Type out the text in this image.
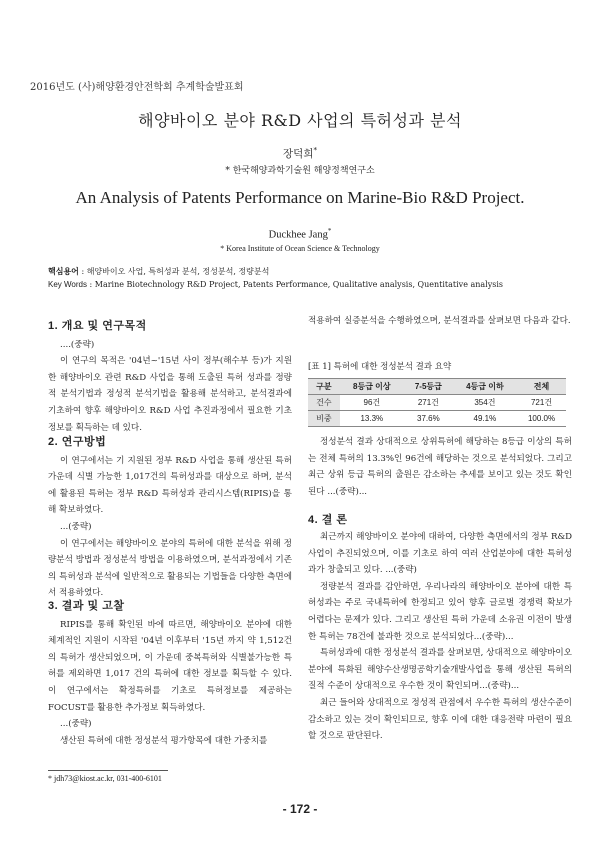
2016년도 (사)해양환경안전학회 추계학술발표회
해양바이오 분야 R&D 사업의 특허성과 분석
장덕희*
* 한국해양과학기술원 해양정책연구소
An Analysis of Patents Performance on Marine-Bio R&D Project.
Duckhee Jang*
* Korea Institute of Ocean Science & Technology
핵심용어 : 해양바이오 사업, 특허성과 분석, 정성분석, 정량분석
Key Words : Marine Biotechnology R&D Project, Patents Performance, Qualitative analysis, Quentitative analysis
1. 개요 및 연구목적
....(중략)
이 연구의 목적은 '04년~'15년 사이 정부(해수부 등)가 지원한 해양바이오 관련 R&D 사업을 통해 도출된 특허 성과를 정량적 분석기법과 정성적 분석기법을 활용해 분석하고, 분석결과에 기초하여 향후 해양바이오 R&D 사업 추진과정에서 필요한 기초정보를 획득하는 데 있다.
2. 연구방법
이 연구에서는 기 지원된 정부 R&D 사업을 통해 생산된 특허 가운데 식별 가능한 1,017건의 특허성과를 대상으로 하며, 분석에 활용된 특허는 정부 R&D 특허성과 관리시스템(RIPIS)을 통해 확보하였다.
...(중략)
이 연구에서는 해양바이오 분야의 특허에 대한 분석을 위해 정량분석 방법과 정성분석 방법을 이용하였으며, 분석과정에서 기존의 특허성과 분석에 일반적으로 활용되는 기법들을 다양한 측면에서 적용하였다.
3. 결과 및 고찰
RIPIS를 통해 확인된 바에 따르면, 해양바이오 분야에 대한 체계적인 지원이 시작된 '04년 이후부터 '15년 까지 약 1,512건의 특허가 생산되었으며, 이 가운데 중복특허와 식별불가능한 특허를 제외하면 1,017 건의 특허에 대한 정보를 획득할 수 있다. 이 연구에서는 확정특허를 기초로 특허정보를 제공하는 FOCUST를 활용한 추가정보 획득하였다.
...(중략)
생산된 특허에 대한 정성분석 평가항목에 대한 가중치를
적용하여 실증분석을 수행하였으며, 분석결과를 살펴보면 다음과 같다.
[표 1] 특허에 대한 정성분석 결과 요약
구분	8등급 이상	7-5등급	4등급 이하	전체
건수	96건	271건	354건	721건
비중	13.3%	37.6%	49.1%	100.0%
정성분석 결과 상대적으로 상위특허에 해당하는 8등급 이상의 특허는 전체 특허의 13.3%인 96건에 해당하는 것으로 분석되었다. 그리고 최근 상위 등급 특허의 출원은 감소하는 추세를 보이고 있는 것도 확인된다 ...(중략)...
4. 결 론
최근까지 해양바이오 분야에 대하여, 다양한 측면에서의 정부 R&D 사업이 추진되었으며, 이를 기초로 하여 여러 산업분야에 대한 특허성과가 창출되고 있다. ...(중략)
정량분석 결과를 감안하면, 우리나라의 해양바이오 분야에 대한 특허성과는 주로 국내특허에 한정되고 있어 향후 글로벌 경쟁력 확보가 어렵다는 문제가 있다. 그리고 생산된 특허 가운데 소유권 이전이 발생한 특허는 78건에 불과한 것으로 분석되었다...(중략)...
특허성과에 대한 정성분석 결과를 살펴보면, 상대적으로 해양바이오 분야에 특화된 해양수산생명공학기술개발사업을 통해 생산된 특허의 질적 수준이 상대적으로 우수한 것이 확인되며...(중략)...
최근 들어와 상대적으로 정성적 관점에서 우수한 특허의 생산수준이 감소하고 있는 것이 확인되므로, 향후 이에 대한 대응전략 마련이 필요할 것으로 판단된다.
* jdh73@kiost.ac.kr, 031-400-6101
- 172 -
